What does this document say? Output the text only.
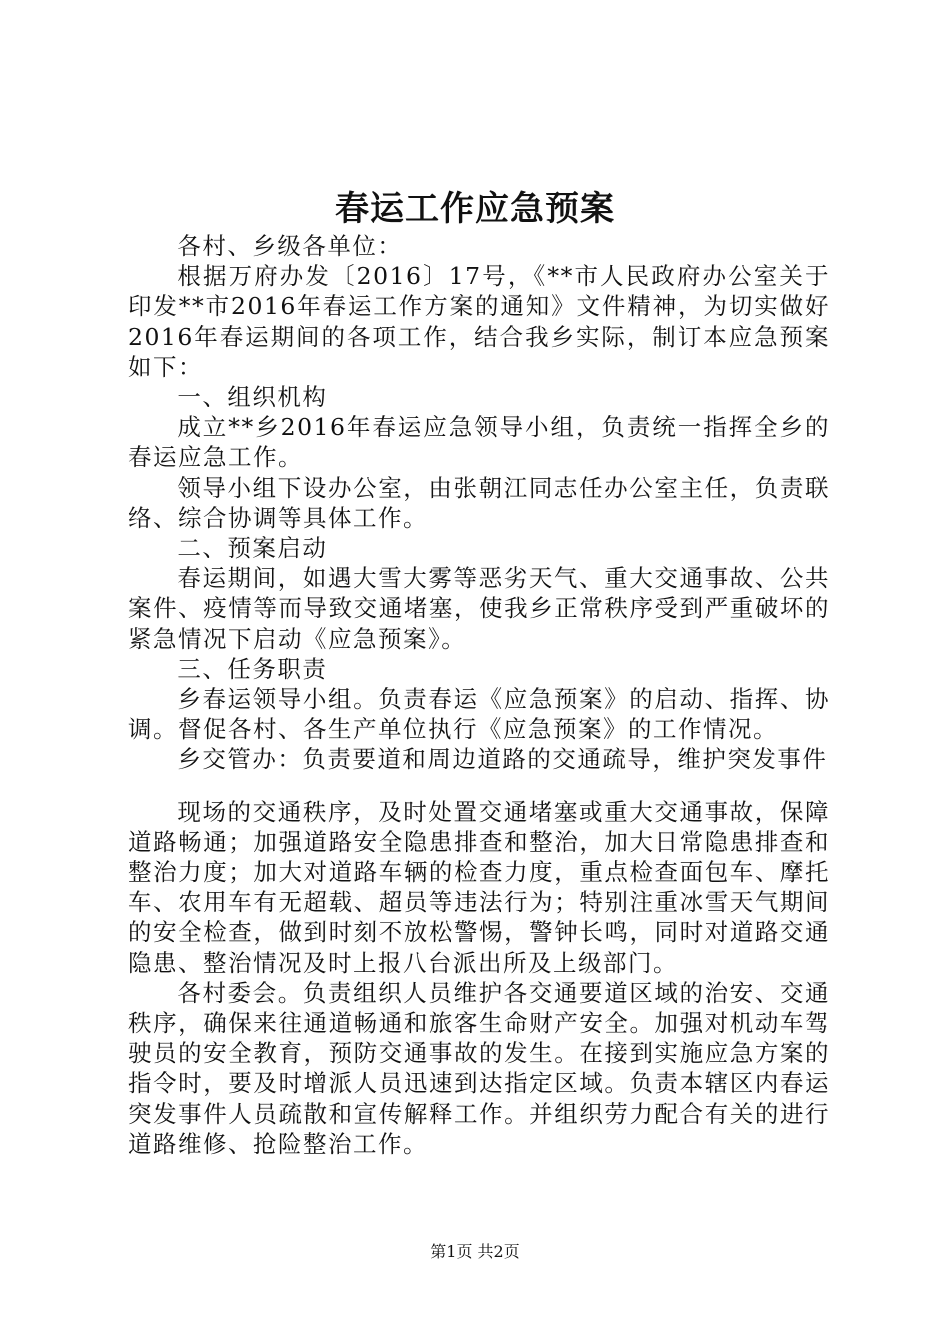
春运工作应急预案

各村、乡级各单位：

根据万府办发〔2016〕17号，《**市人民政府办公室关于印发**市2016年春运工作方案的通知》文件精神，为切实做好2016年春运期间的各项工作，结合我乡实际，制订本应急预案如下：

一、组织机构

成立**乡2016年春运应急领导小组，负责统一指挥全乡的春运应急工作。

领导小组下设办公室，由张朝江同志任办公室主任，负责联络、综合协调等具体工作。

二、预案启动

春运期间，如遇大雪大雾等恶劣天气、重大交通事故、公共案件、疫情等而导致交通堵塞，使我乡正常秩序受到严重破坏的紧急情况下启动《应急预案》。

三、任务职责

乡春运领导小组。负责春运《应急预案》的启动、指挥、协调。督促各村、各生产单位执行《应急预案》的工作情况。

乡交管办：负责要道和周边道路的交通疏导，维护突发事件

现场的交通秩序，及时处置交通堵塞或重大交通事故，保障道路畅通；加强道路安全隐患排查和整治，加大日常隐患排查和整治力度；加大对道路车辆的检查力度，重点检查面包车、摩托车、农用车有无超载、超员等违法行为；特别注重冰雪天气期间的安全检查，做到时刻不放松警惕，警钟长鸣，同时对道路交通隐患、整治情况及时上报八台派出所及上级部门。

各村委会。负责组织人员维护各交通要道区域的治安、交通秩序，确保来往通道畅通和旅客生命财产安全。加强对机动车驾驶员的安全教育，预防交通事故的发生。在接到实施应急方案的指令时，要及时增派人员迅速到达指定区域。负责本辖区内春运突发事件人员疏散和宣传解释工作。并组织劳力配合有关的进行道路维修、抢险整治工作。

第1页 共2页
